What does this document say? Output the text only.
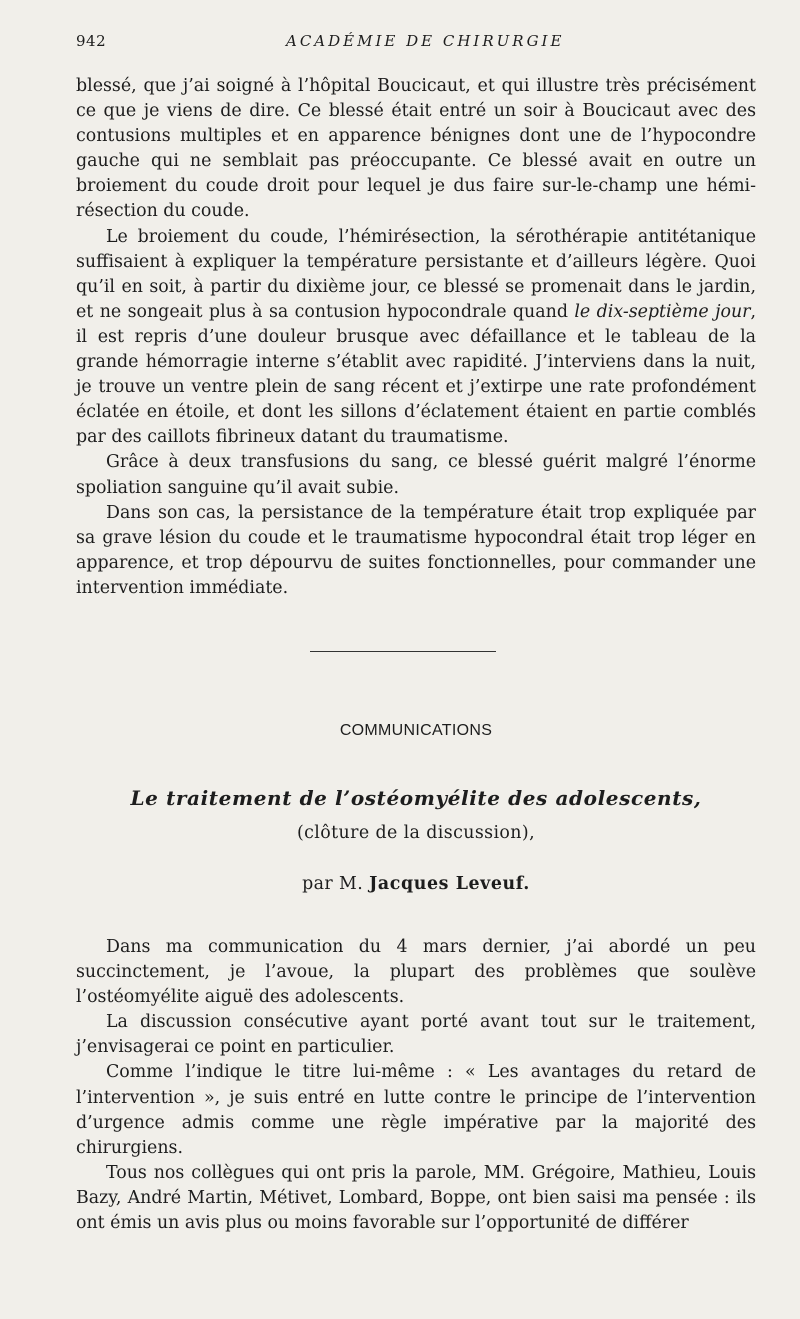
942	ACADÉMIE DE CHIRURGIE

blessé, que j’ai soigné à l’hôpital Boucicaut, et qui illustre très précisément ce que je viens de dire. Ce blessé était entré un soir à Boucicaut avec des contusions multiples et en apparence bénignes dont une de l’hypocondre gauche qui ne semblait pas préoccupante. Ce blessé avait en outre un broiement du coude droit pour lequel je dus faire sur-le-champ une hémi-résection du coude.

Le broiement du coude, l’hémirésection, la sérothérapie antitétanique suffisaient à expliquer la température persistante et d’ailleurs légère. Quoi qu’il en soit, à partir du dixième jour, ce blessé se promenait dans le jardin, et ne songeait plus à sa contusion hypocondrale quand le dix-septième jour, il est repris d’une douleur brusque avec défaillance et le tableau de la grande hémorragie interne s’établit avec rapidité. J’interviens dans la nuit, je trouve un ventre plein de sang récent et j’extirpe une rate profondément éclatée en étoile, et dont les sillons d’éclatement étaient en partie comblés par des caillots fibrineux datant du traumatisme.

Grâce à deux transfusions du sang, ce blessé guérit malgré l’énorme spoliation sanguine qu’il avait subie.

Dans son cas, la persistance de la température était trop expliquée par sa grave lésion du coude et le traumatisme hypocondral était trop léger en apparence, et trop dépourvu de suites fonctionnelles, pour commander une intervention immédiate.

COMMUNICATIONS
Le traitement de l’ostéomyélite des adolescents,
(clôture de la discussion),
par M. Jacques Leveuf.

Dans ma communication du 4 mars dernier, j’ai abordé un peu succinctement, je l’avoue, la plupart des problèmes que soulève l’ostéomyélite aiguë des adolescents.

La discussion consécutive ayant porté avant tout sur le traitement, j’envisagerai ce point en particulier.

Comme l’indique le titre lui-même : « Les avantages du retard de l’intervention », je suis entré en lutte contre le principe de l’intervention d’urgence admis comme une règle impérative par la majorité des chirurgiens.

Tous nos collègues qui ont pris la parole, MM. Grégoire, Mathieu, Louis Bazy, André Martin, Métivet, Lombard, Boppe, ont bien saisi ma pensée : ils ont émis un avis plus ou moins favorable sur l’opportunité de différer
